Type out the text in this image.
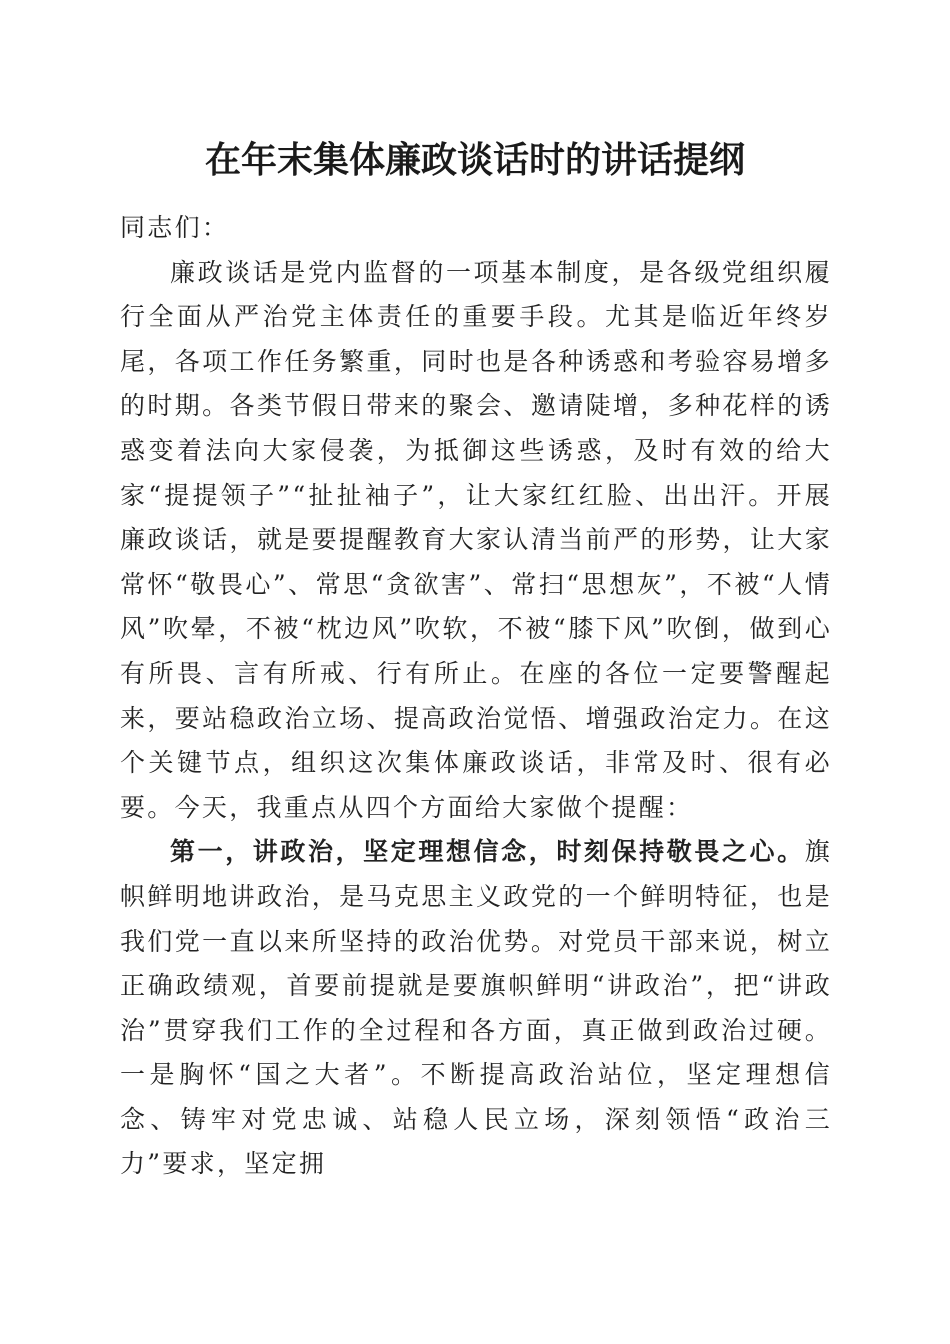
在年末集体廉政谈话时的讲话提纲

同志们：

廉政谈话是党内监督的一项基本制度，是各级党组织履行全面从严治党主体责任的重要手段。尤其是临近年终岁尾，各项工作任务繁重，同时也是各种诱惑和考验容易增多的时期。各类节假日带来的聚会、邀请陡增，多种花样的诱惑变着法向大家侵袭，为抵御这些诱惑，及时有效的给大家“提提领子”“扯扯袖子”，让大家红红脸、出出汗。开展廉政谈话，就是要提醒教育大家认清当前严的形势，让大家常怀“敬畏心”、常思“贪欲害”、常扫“思想灰”，不被“人情风”吹晕，不被“枕边风”吹软，不被“膝下风”吹倒，做到心有所畏、言有所戒、行有所止。在座的各位一定要警醒起来，要站稳政治立场、提高政治觉悟、增强政治定力。在这个关键节点，组织这次集体廉政谈话，非常及时、很有必要。今天，我重点从四个方面给大家做个提醒：

第一，讲政治，坚定理想信念，时刻保持敬畏之心。旗帜鲜明地讲政治，是马克思主义政党的一个鲜明特征，也是我们党一直以来所坚持的政治优势。对党员干部来说，树立正确政绩观，首要前提就是要旗帜鲜明“讲政治”，把“讲政治”贯穿我们工作的全过程和各方面，真正做到政治过硬。一是胸怀“国之大者”。不断提高政治站位，坚定理想信念、铸牢对党忠诚、站稳人民立场，深刻领悟“政治三力”要求，坚定拥
